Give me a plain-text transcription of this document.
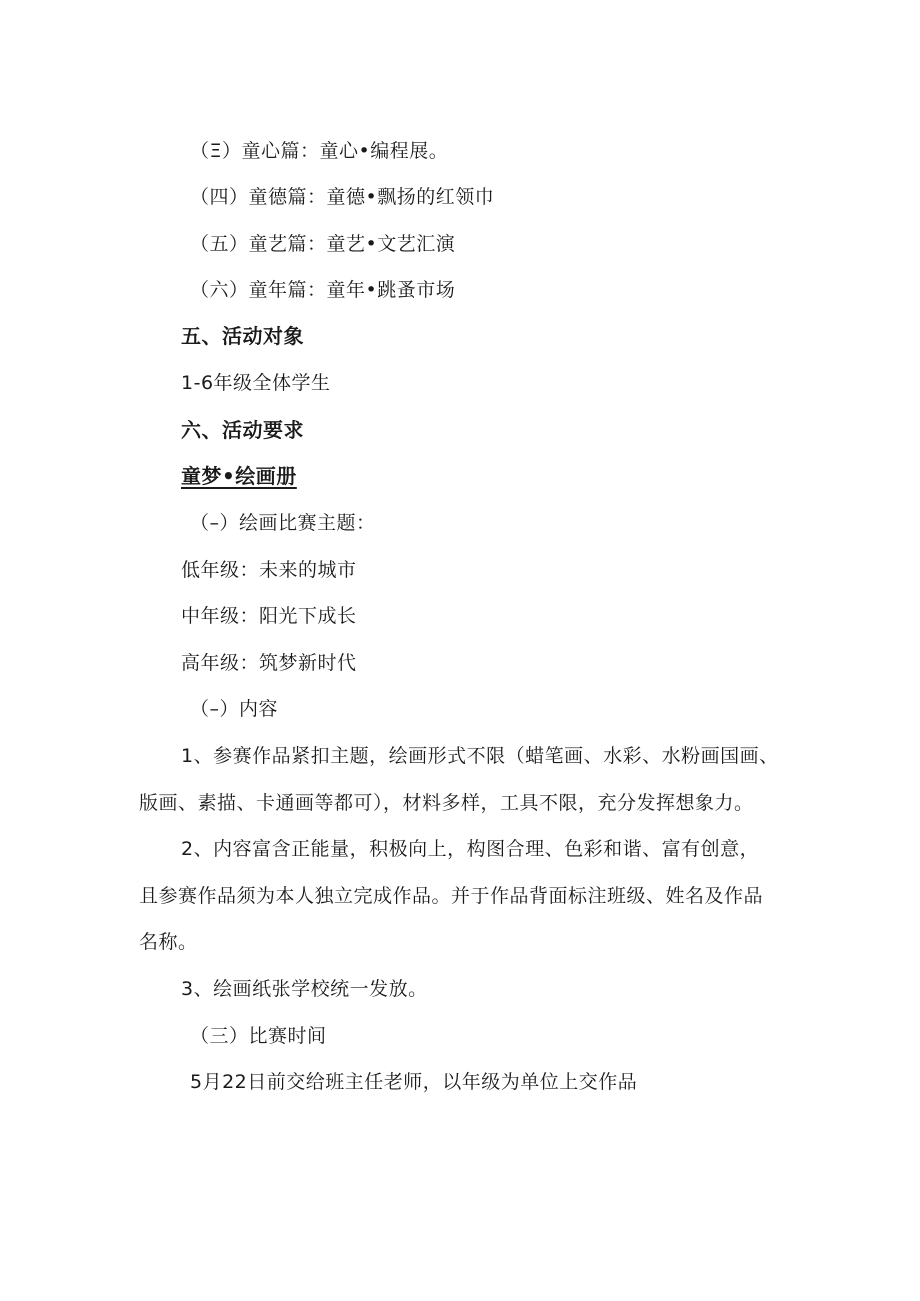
（Ξ）童心篇：童心•编程展。
（四）童德篇：童德•飘扬的红领巾
（五）童艺篇：童艺•文艺汇演
（六）童年篇：童年•跳蚤市场
五、活动对象
1-6年级全体学生
六、活动要求
童梦•绘画册
（–）绘画比赛主题：
低年级：未来的城市
中年级：阳光下成长
高年级：筑梦新时代
（–）内容
1、参赛作品紧扣主题，绘画形式不限（蜡笔画、水彩、水粉画国画、
版画、素描、卡通画等都可），材料多样，工具不限，充分发挥想象力。
2、内容富含正能量，积极向上，构图合理、色彩和谐、富有创意，
且参赛作品须为本人独立完成作品。并于作品背面标注班级、姓名及作品
名称。
3、绘画纸张学校统一发放。
（三）比赛时间
5月22日前交给班主任老师，以年级为单位上交作品
